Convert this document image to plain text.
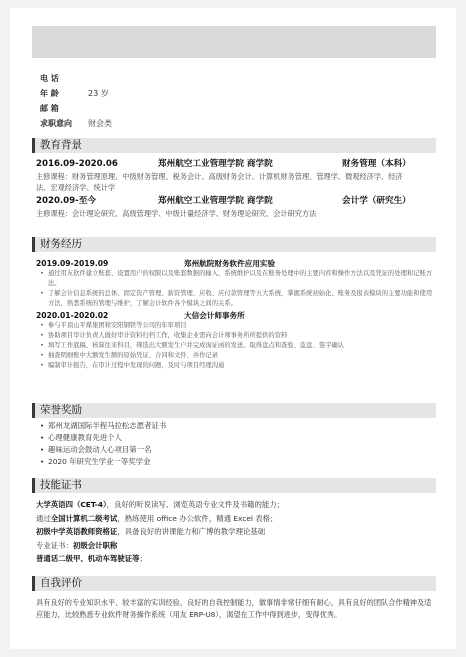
电 话
年 龄	23 岁
邮 箱
求职意向	财会类
教育背景
2016.09-2020.06	郑州航空工业管理学院 商学院	财务管理（本科）
主修课程：财务管理原理、中级财务管理、税务会计、高级财务会计、计算机财务管理、管理学、微观经济学、经济
法、宏观经济学、统计学
2020.09-至今	郑州航空工业管理学院 商学院	会计学（研究生）
主修课程：会计理论研究、高级管理学、中级计量经济学、财务理论研究、会计研究方法
财务经历
2019.09-2019.09	郑州航院财务软件应用实验
• 通过用友软件建立账套、设置用户的权限以及账套数据的输入、系统维护以及在账务处理中的主要内容和操作方法以及凭证的处理和记账方法。
• 了解会计信息系统的总体、固定资产管理、薪资管理、应收、应付款管理等五大系统，掌握系统初始化、账务及报表模块的主要功能和使用方法，熟悉系统的管理与维护，了解会计软件各个模块之间的关系。
2020.01-2020.02	大信会计师事务所
• 参与平顶山平煤集团和安阳钢铁等公司的年审项目
• 协助项目审计负责人做好审计资料归档工作，收集企业需向会计师事务所所提供的资料
• 填写工作底稿、核算往来科目，筛选出大额发生户并完成询证函的发送、取得盘点和查验、监盘、签字确认
• 抽查明细账中大额发生额的原始凭证、合同和文件、并作记录
• 编制审计报告，在审计过程中发现的问题，及时与项目经理沟通
荣誉奖励
• 郑州龙湖国际半程马拉松志愿者证书
• 心理健康教育先进个人
• 趣味运动会鼓动人心项目第一名
• 2020 年研究生学业一等奖学金
技能证书
大学英语四（CET-4），良好的听说读写、浏览英语专业文件及书籍的能力；
通过全国计算机二级考试，熟练使用 office 办公软件，精通 Excel 表格；
初级中学英语教师资格证，具备良好的讲课能力和广博的教学理论基础
专业证书：初级会计职称
普通话二级甲、机动车驾驶证等；
自我评价
具有良好的专业知识水平、较丰富的实训经验、良好的自我控制能力，做事情非常仔细有耐心，具有良好的团队合作精神及适应能力，比较熟悉专业软件财务操作系统（用友 ERP-U8），渴望在工作中得到进步，变得优秀。
